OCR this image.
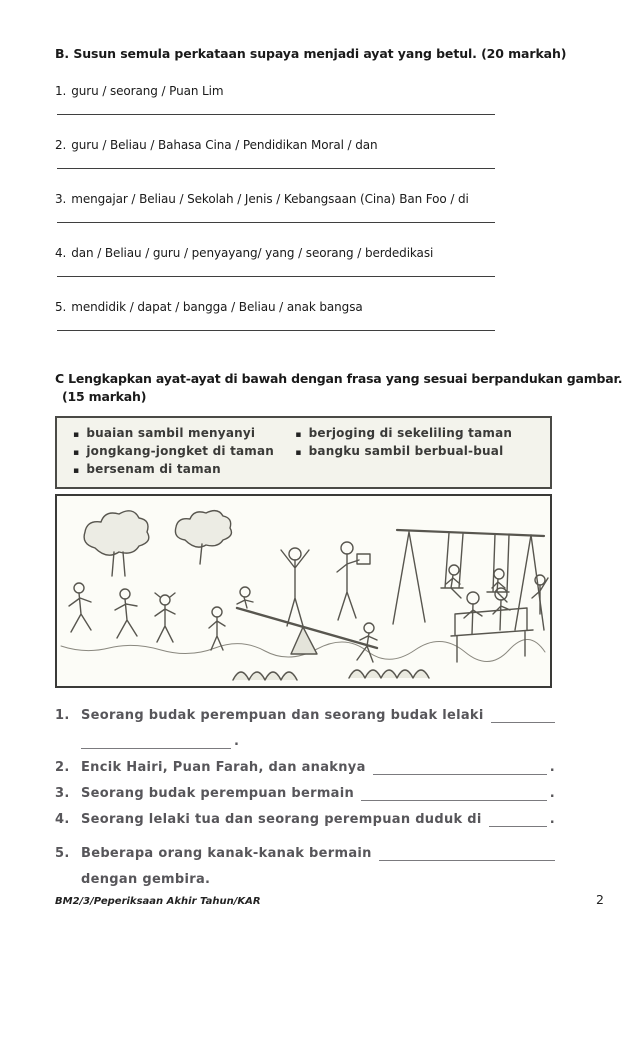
B. Susun semula perkataan supaya menjadi ayat yang betul. (20 markah)
1. guru / seorang / Puan Lim
2. guru / Beliau / Bahasa Cina / Pendidikan Moral / dan
3. mengajar / Beliau / Sekolah / Jenis / Kebangsaan (Cina) Ban Foo / di
4. dan / Beliau / guru / penyayang/ yang / seorang / berdedikasi
5. mendidik / dapat / bangga / Beliau / anak bangsa
C Lengkapkan ayat-ayat di bawah dengan frasa yang sesuai berpandukan gambar.
(15 markah)
▪ buaian sambil menyanyi
▪ jongkang-jongket di taman
▪ bersenam di taman
▪ berjoging di sekeliling taman
▪ bangku sambil berbual-bual
1. Seorang budak perempuan dan seorang budak lelaki
.
2. Encik Hairi, Puan Farah, dan anaknya	.
3. Seorang budak perempuan bermain	.
4. Seorang lelaki tua dan seorang perempuan duduk di	.
5. Beberapa orang kanak-kanak bermain
dengan gembira.
BM2/3/Peperiksaan Akhir Tahun/KAR	2
